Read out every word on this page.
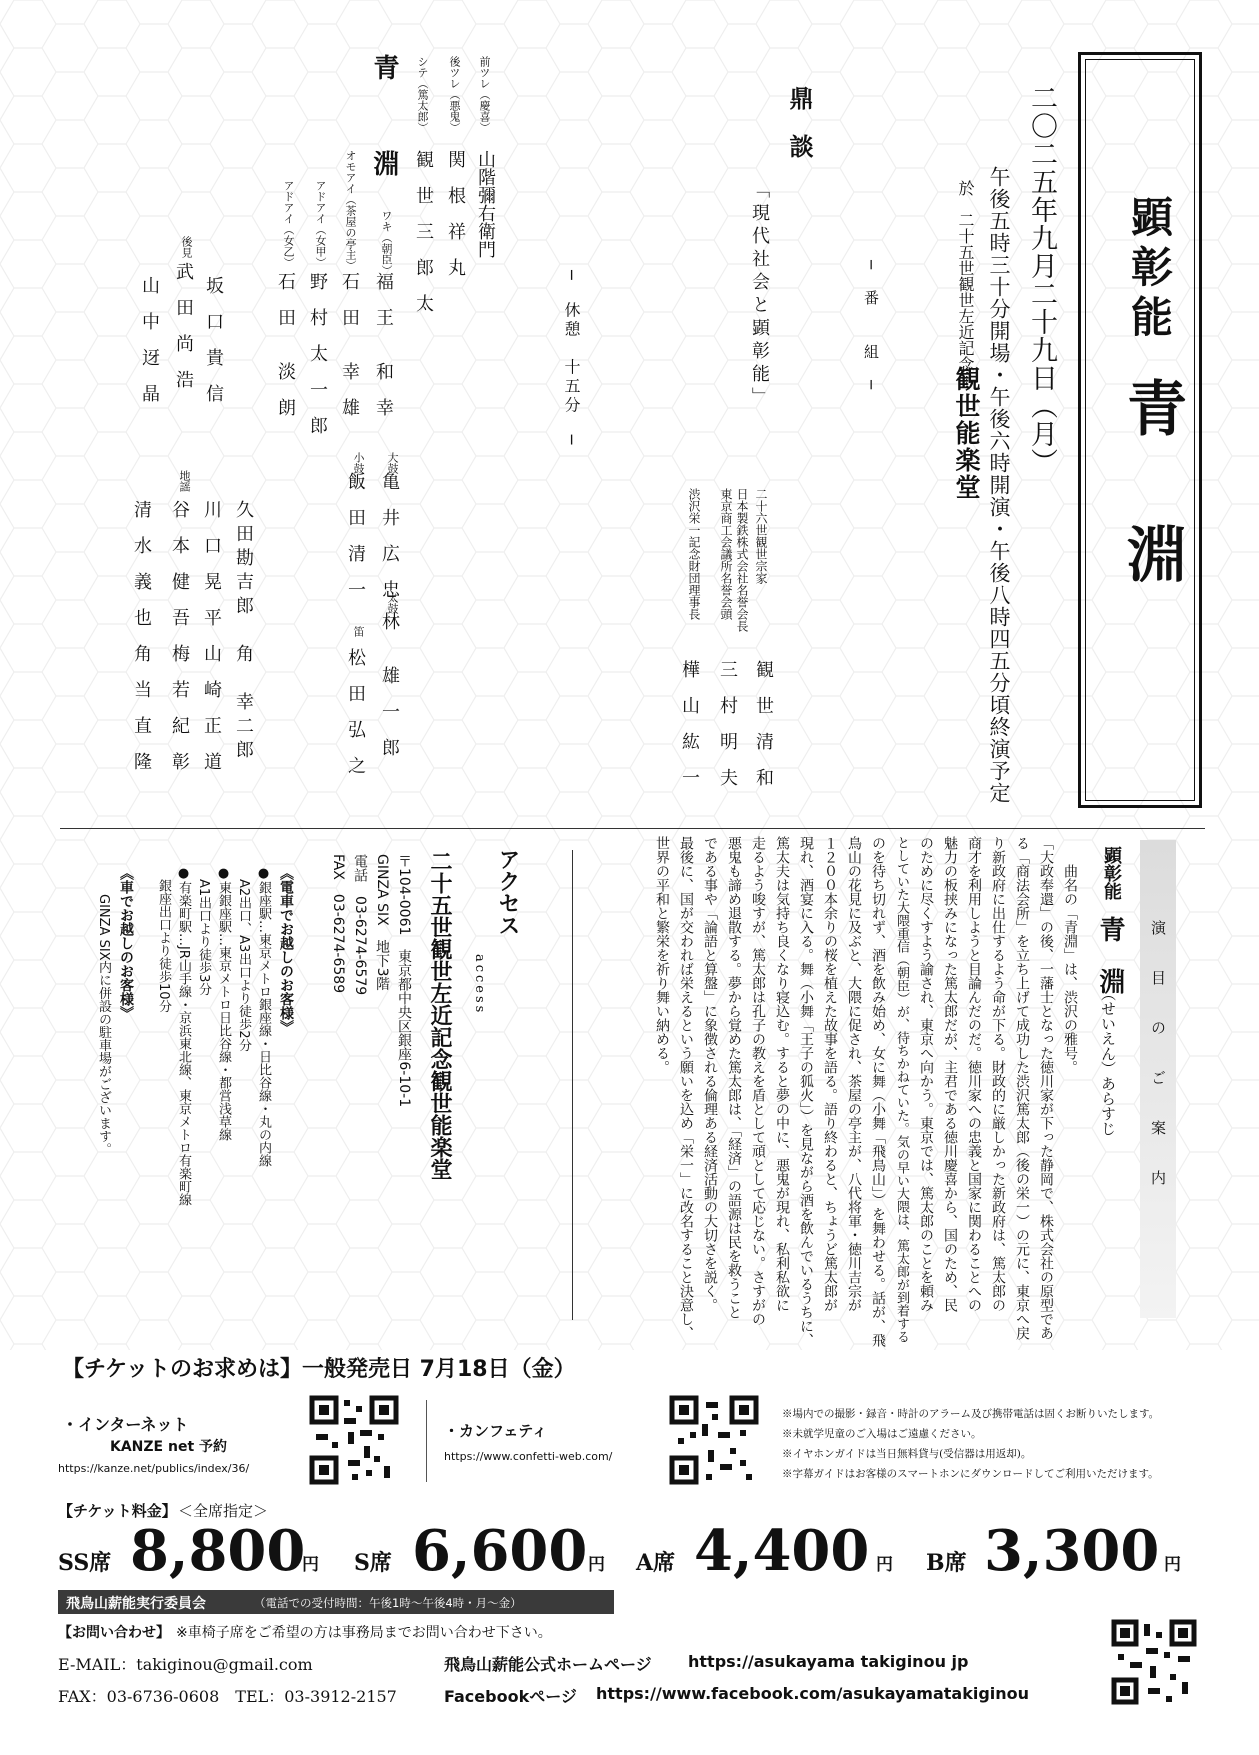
顕彰能
青
淵
二〇二五年九月二十九日（月）
午後五時三十分開場・午後六時開演・午後八時四五分頃終演予定
於　二十五世観世左近記念
観世能楽堂
─　番　　組　─
鼎　談
「現代社会と顕彰能」
二十六世観世宗家
観　世　清　和
日本製鉄株式会社名誉会長
東京商工会議所名誉会頭
三　村　明　夫
渋沢栄一記念財団理事長
樺　山　紘　一
─　休憩　十五分　─
青　　淵	前ツレ（慶喜）
山階彌右衛門
後ツレ（悪鬼）
関　根　祥　丸
シテ（篤太郎）
観　世　三　郎　太
ワキ（朝臣）
福　王　　和　幸
オモアイ（茶屋の亭主）
石　田　　幸　雄
アドアイ（女甲）
野　村　太　一　郎
アドアイ（女乙）
石　田　　淡　朗
後見
坂　口　貴　信
武　田　尚　浩
山　中　迓　晶
大鼓
亀　井　広　忠
小鼓
飯　田　清　一
太鼓
林　　雄　一　郎
笛
松　田　弘　之
地謡
久田勘吉郎　角　幸二郎
川　口　晃　平　山　崎　正　道
谷　本　健　吾　梅　若　紀　彰
清　水　義　也　角　当　直　隆
演　目　の　ご　案　内
顕彰能
青　淵
（せいえん）あらすじ
　曲名の「青淵」は、渋沢の雅号。
「大政奉還」の後、一藩士となった徳川家が下った静岡で、株式会社の原型であ
る「商法会所」を立ち上げて成功した渋沢篤太郎（後の栄一）の元に、東京へ戻
り新政府に出仕するよう命が下る。財政的に厳しかった新政府は、篤太郎の
商才を利用しようと目論んだのだ。徳川家への忠義と国家に関わることへの
魅力の板挟みになった篤太郎だが、主君である徳川慶喜から、国のため、民
のために尽くすよう諭され、東京へ向かう。東京では、篤太郎のことを頼み
としていた大隈重信（朝臣）が、待ちかねていた。気の早い大隈は、篤太郎が到着する
のを待ち切れず、酒を飲み始め、女に舞（小舞「飛鳥山」）を舞わせる。話が、飛
鳥山の花見に及ぶと、大隈に促され、茶屋の亭主が、八代将軍・徳川吉宗が
１２００本余りの桜を植えた故事を語る。語り終わると、ちょうど篤太郎が
現れ、酒宴に入る。舞（小舞「王子の狐火」）を見ながら酒を飲んでいるうちに、
篤太夫は気持ち良くなり寝込む。すると夢の中に、悪鬼が現れ、私利私欲に
走るよう唆すが、篤太郎は孔子の教えを盾として頑として応じない。さすがの
悪鬼も諦め退散する。夢から覚めた篤太郎は、「経済」の語源は民を救うこと
である事や「論語と算盤」に象徴される倫理ある経済活動の大切さを説く。
最後に、国が交われば栄えるという願いを込め「栄一」に改名すること決意し、
世界の平和と繁栄を祈り舞い納める。
アクセス
access
二十五世観世左近記念観世能楽堂
〒104-0061　東京都中央区銀座6-10-1
GINZA SIX　地下3階
電話　03-6274-6579
FAX　03-6274-6589
《電車でお越しのお客様》
●銀座駅…東京メトロ銀座線・日比谷線・丸の内線
　A2出口、A3出口より徒歩2分
●東銀座駅…東京メトロ日比谷線・都営浅草線
　A1出口より徒歩3分
●有楽町駅…JR山手線・京浜東北線、東京メトロ有楽町線
　銀座出口より徒歩10分
《車でお越しのお客様》
GINZA SIX内に併設の駐車場がございます。
【チケットのお求めは】一般発売日 7月18日（金）
・インターネット
KANZE net 予約
https://kanze.net/publics/index/36/
・カンフェティ
https://www.confetti-web.com/
※場内での撮影・録音・時計のアラーム及び携帯電話は固くお断りいたします。
※未就学児童のご入場はご遠慮ください。
※イヤホンガイドは当日無料貸与(受信器は用返却)。
※字幕ガイドはお客様のスマートホンにダウンロードしてご利用いただけます。
【チケット料金】 ＜全席指定＞
SS席 8,800
円 S席 6,600 円 A席 4,400 円 B席 3,300 円
飛鳥山薪能実行委員会	（電話での受付時間：午後1時～午後4時・月～金）
【お問い合わせ】 ※車椅子席をご希望の方は事務局までお問い合わせ下さい。
E-MAIL：takiginou@gmail.com
FAX：03-6736-0608　TEL：03-3912-2157
飛鳥山薪能公式ホームページ https://asukayama takiginou jp
Facebookページ https://www.facebook.com/asukayamatakiginou
